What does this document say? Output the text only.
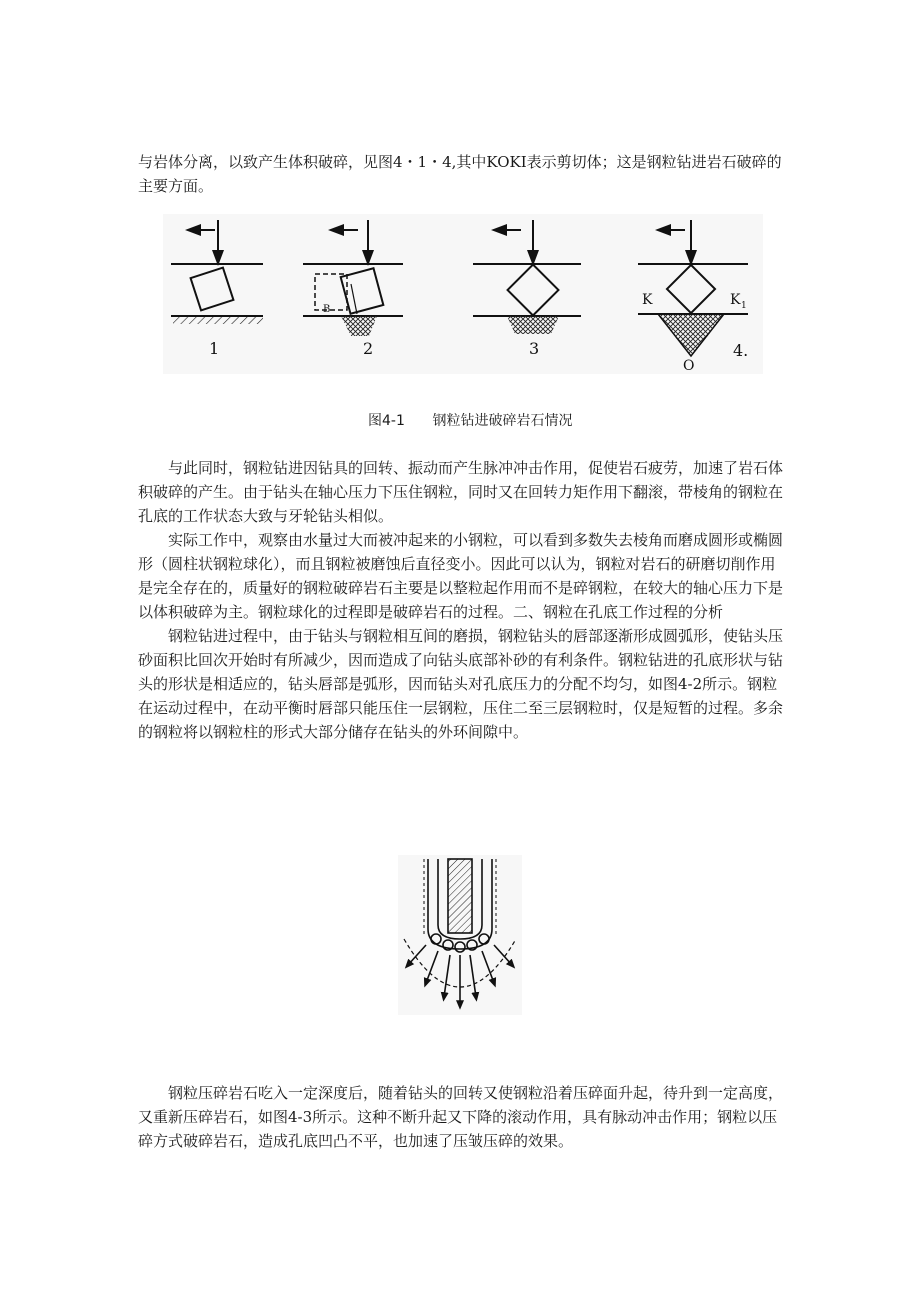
与岩体分离，以致产生体积破碎，见图4・1・4,其中KOKI表示剪切体；这是钢粒钻进岩石破碎的
主要方面。

1	2	3	4.
B
K	K 1
O
图4-1 钢粒钻进破碎岩石情况

与此同时，钢粒钻进因钻具的回转、振动而产生脉冲冲击作用，促使岩石疲劳，加速了岩石体积破碎的产生。由于钻头在轴心压力下压住钢粒，同时又在回转力矩作用下翻滚，带棱角的钢粒在孔底的工作状态大致与牙轮钻头相似。

实际工作中，观察由水量过大而被冲起来的小钢粒，可以看到多数失去棱角而磨成圆形或椭圆形（圆柱状钢粒球化），而且钢粒被磨蚀后直径变小。因此可以认为，钢粒对岩石的研磨切削作用是完全存在的，质量好的钢粒破碎岩石主要是以整粒起作用而不是碎钢粒，在较大的轴心压力下是以体积破碎为主。钢粒球化的过程即是破碎岩石的过程。二、钢粒在孔底工作过程的分析

钢粒钻进过程中，由于钻头与钢粒相互间的磨损，钢粒钻头的唇部逐渐形成圆弧形，使钻头压砂面积比回次开始时有所减少，因而造成了向钻头底部补砂的有利条件。钢粒钻进的孔底形状与钻头的形状是相适应的，钻头唇部是弧形，因而钻头对孔底压力的分配不均匀，如图4-2所示。钢粒在运动过程中，在动平衡时唇部只能压住一层钢粒，压住二至三层钢粒时，仅是短暂的过程。多余的钢粒将以钢粒柱的形式大部分储存在钻头的外环间隙中。

钢粒压碎岩石吃入一定深度后，随着钻头的回转又使钢粒沿着压碎面升起，待升到一定高度，又重新压碎岩石，如图4-3所示。这种不断升起又下降的滚动作用，具有脉动冲击作用；钢粒以压碎方式破碎岩石，造成孔底凹凸不平，也加速了压皱压碎的效果。
